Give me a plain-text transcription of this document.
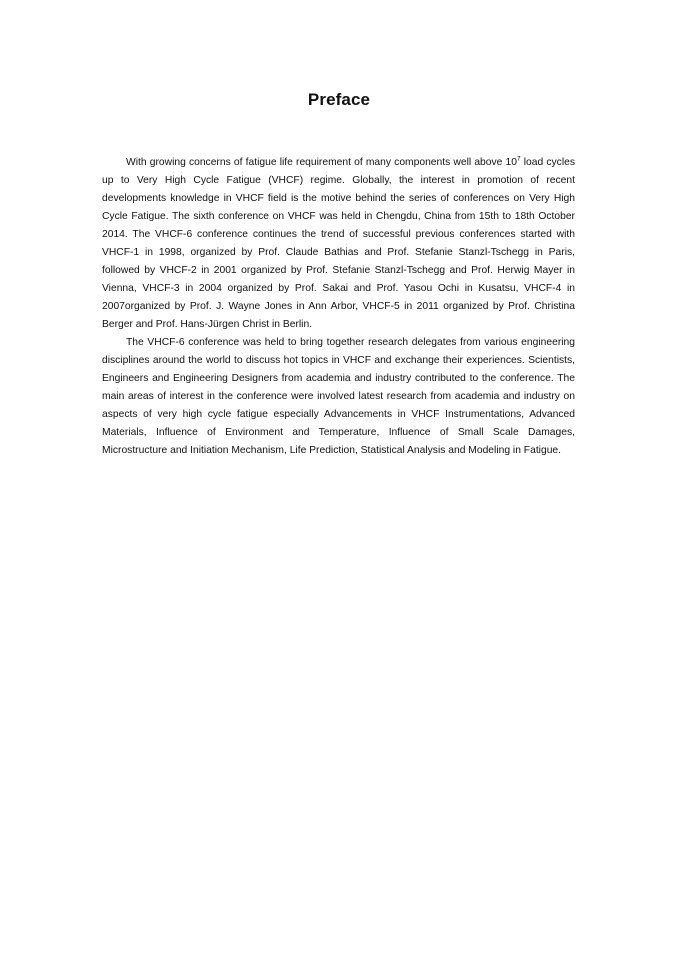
Preface

With growing concerns of fatigue life requirement of many components well above $10^7$ load cycles up to Very High Cycle Fatigue (VHCF) regime. Globally, the interest in promotion of recent developments knowledge in VHCF field is the motive behind the series of conferences on Very High Cycle Fatigue. The sixth conference on VHCF was held in Chengdu, China from 15th to 18th October 2014. The VHCF-6 conference continues the trend of successful previous conferences started with VHCF-1 in 1998, organized by Prof. Claude Bathias and Prof. Stefanie Stanzl-Tschegg in Paris, followed by VHCF-2 in 2001 organized by Prof. Stefanie Stanzl-Tschegg and Prof. Herwig Mayer in Vienna, VHCF-3 in 2004 organized by Prof. Sakai and Prof. Yasou Ochi in Kusatsu, VHCF-4 in 2007organized by Prof. J. Wayne Jones in Ann Arbor, VHCF-5 in 2011 organized by Prof. Christina Berger and Prof. Hans-Jürgen Christ in Berlin.

The VHCF-6 conference was held to bring together research delegates from various engineering disciplines around the world to discuss hot topics in VHCF and exchange their experiences. Scientists, Engineers and Engineering Designers from academia and industry contributed to the conference. The main areas of interest in the conference were involved latest research from academia and industry on aspects of very high cycle fatigue especially Advancements in VHCF Instrumentations, Advanced Materials, Influence of Environment and Temperature, Influence of Small Scale Damages, Microstructure and Initiation Mechanism, Life Prediction, Statistical Analysis and Modeling in Fatigue.
